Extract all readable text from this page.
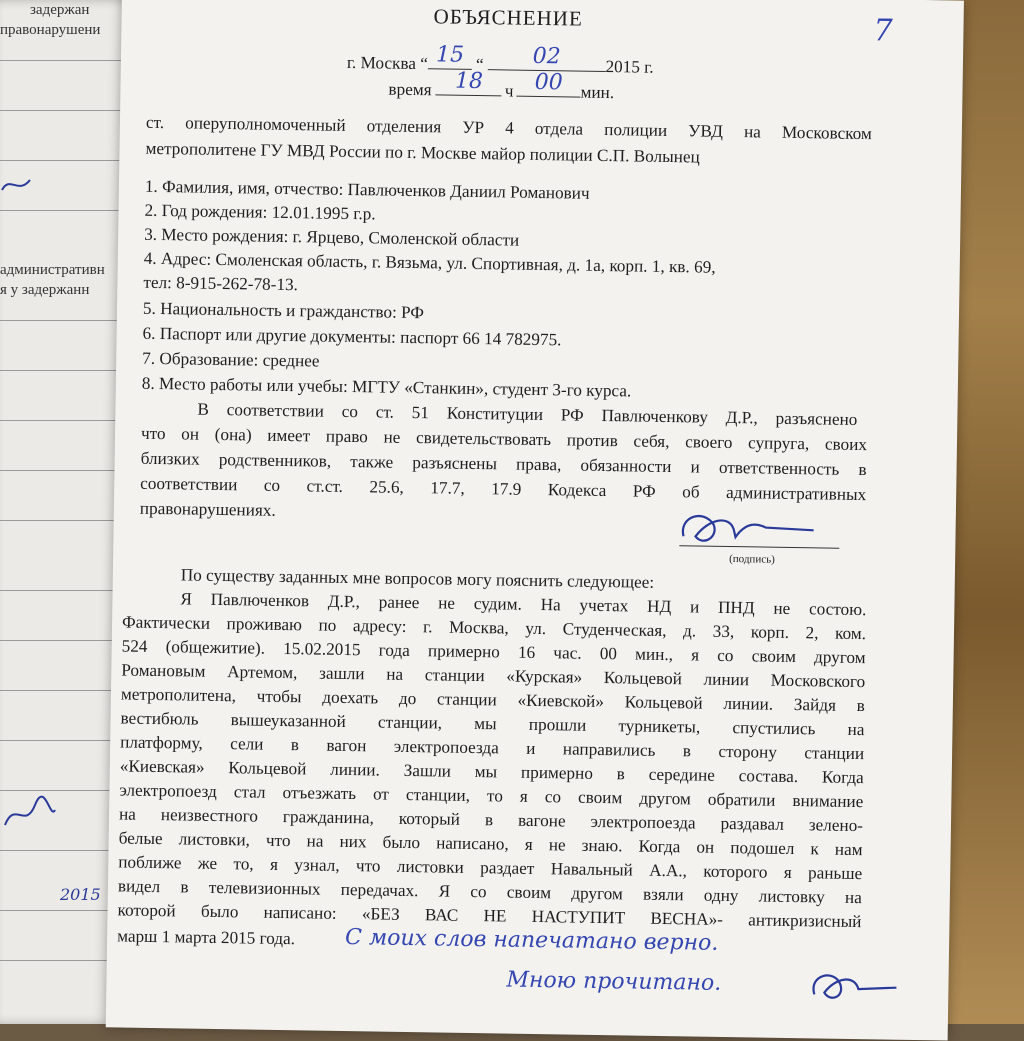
задержан
правонарушени
административн
я у задержанн
2015
ОБЪЯСНЕНИЕ	7
г. Москва “ 15 “	02	2015 г.
время	18	ч 00	мин.
ст. оперуполномоченный отделения УР 4 отдела полиции УВД на Московском
метрополитене ГУ МВД России по г. Москве майор полиции С.П. Волынец
1. Фамилия, имя, отчество: Павлюченков Даниил Романович
2. Год рождения: 12.01.1995 г.р.
3. Место рождения: г. Ярцево, Смоленской области
4. Адрес: Смоленская область, г. Вязьма, ул. Спортивная, д. 1а, корп. 1, кв. 69,
тел: 8-915-262-78-13.
5. Национальность и гражданство: РФ
6. Паспорт или другие документы: паспорт 66 14 782975.
7. Образование: среднее
8. Место работы или учебы: МГТУ «Станкин», студент 3-го курса.
В соответствии со ст. 51 Конституции РФ Павлюченкову Д.Р., разъяснено
что он (она) имеет право не свидетельствовать против себя, своего супруга, своих
близких родственников, также разъяснены права, обязанности и ответственность в
соответствии со ст.ст. 25.6, 17.7, 17.9 Кодекса РФ об административных
правонарушениях.
(подпись)
По существу заданных мне вопросов могу пояснить следующее:
Я Павлюченков Д.Р., ранее не судим. На учетах НД и ПНД не состою.
Фактически проживаю по адресу: г. Москва, ул. Студенческая, д. 33, корп. 2, ком.
524 (общежитие). 15.02.2015 года примерно 16 час. 00 мин., я со своим другом
Романовым Артемом, зашли на станции «Курская» Кольцевой линии Московского
метрополитена, чтобы доехать до станции «Киевской» Кольцевой линии. Зайдя в
вестибюль вышеуказанной станции, мы прошли турникеты, спустились на
платформу, сели в вагон электропоезда и направились в сторону станции
«Киевская» Кольцевой линии. Зашли мы примерно в середине состава. Когда
электропоезд стал отъезжать от станции, то я со своим другом обратили внимание
на неизвестного гражданина, который в вагоне электропоезда раздавал зелено-
белые листовки, что на них было написано, я не знаю. Когда он подошел к нам
поближе же то, я узнал, что листовки раздает Навальный А.А., которого я раньше
видел в телевизионных передачах. Я со своим другом взяли одну листовку на
которой было написано: «БЕЗ ВАС НЕ НАСТУПИТ ВЕСНА»- антикризисный
марш 1 марта 2015 года. С моих слов напечатано верно.
Мною прочитано.
